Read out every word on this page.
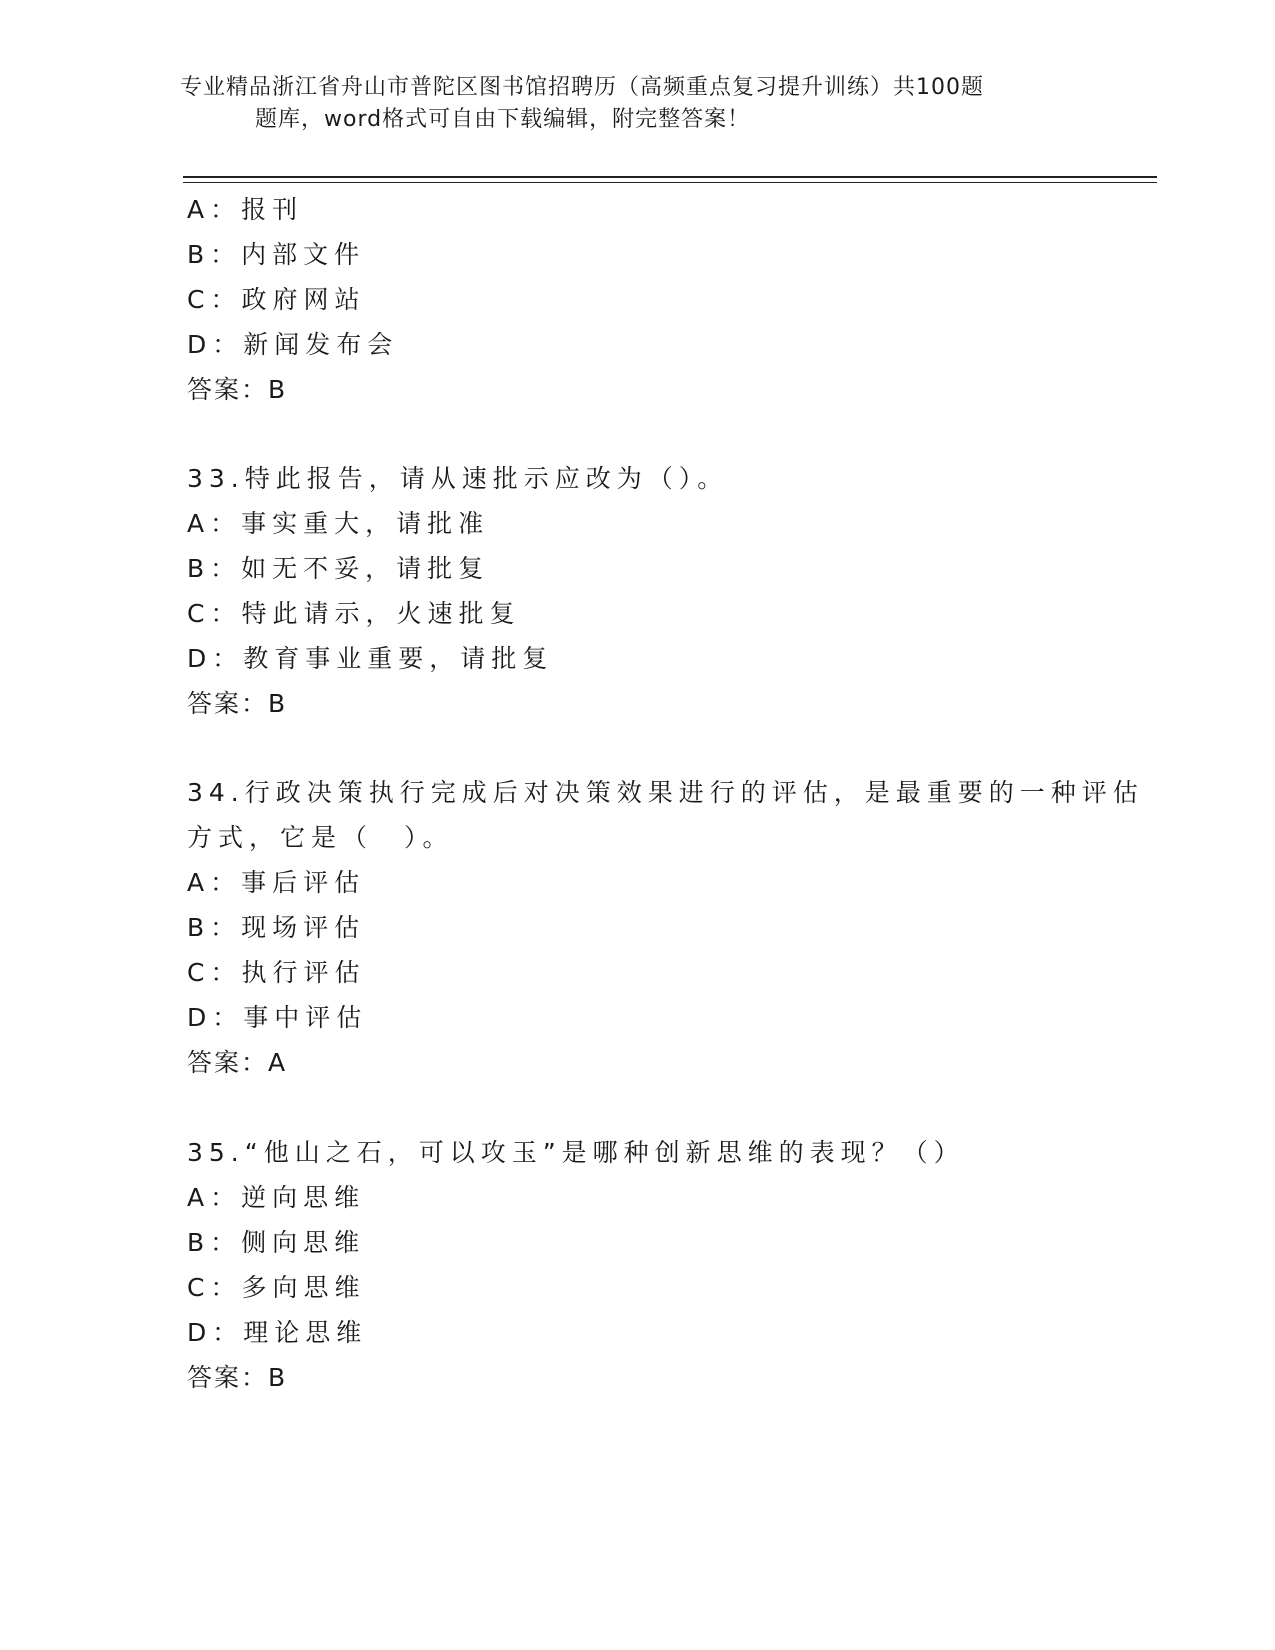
专业精品浙江省舟山市普陀区图书馆招聘历（高频重点复习提升训练）共100题
题库，word格式可自由下载编辑，附完整答案！
A：报刊
B：内部文件
C：政府网站
D：新闻发布会
答案：B
33.特此报告，请从速批示应改为（）。
A：事实重大，请批准
B：如无不妥，请批复
C：特此请示，火速批复
D：教育事业重要，请批复
答案：B
34.行政决策执行完成后对决策效果进行的评估，是最重要的一种评估
方式，它是（　）。
A：事后评估
B：现场评估
C：执行评估
D：事中评估
答案：A
35.“他山之石，可以攻玉”是哪种创新思维的表现？（）
A：逆向思维
B：侧向思维
C：多向思维
D：理论思维
答案：B
